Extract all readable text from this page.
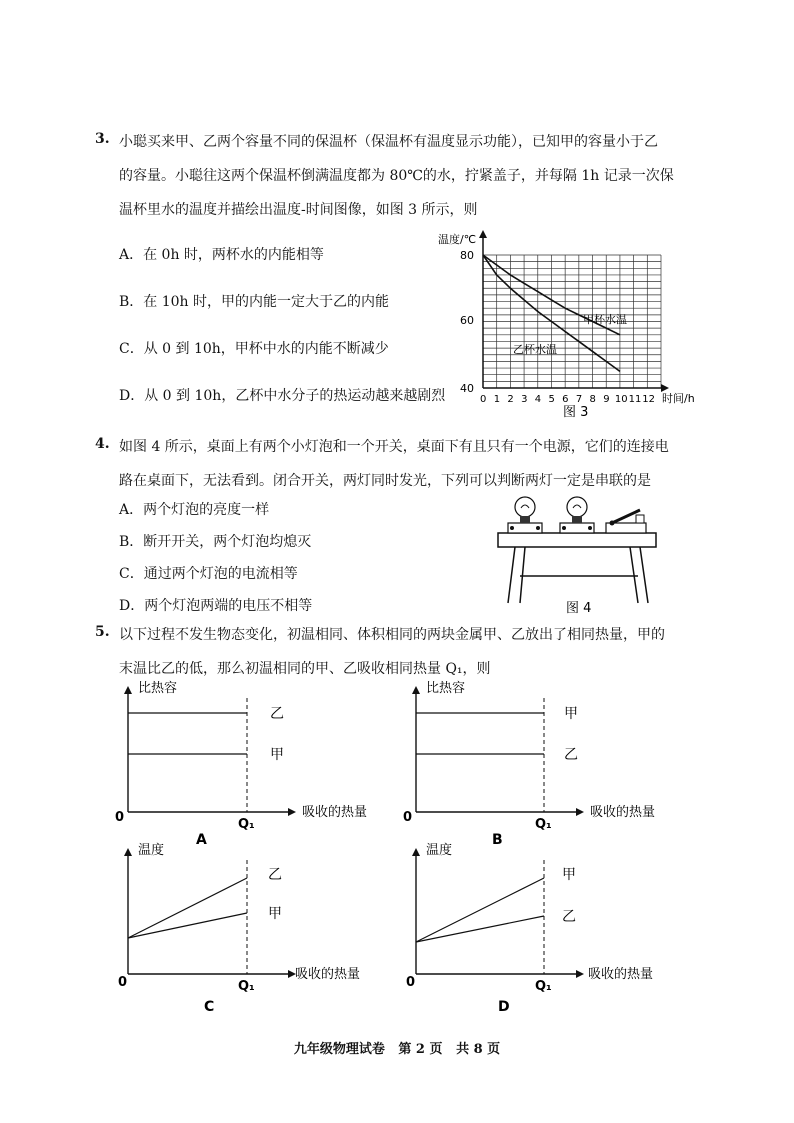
3. 小聪买来甲、乙两个容量不同的保温杯（保温杯有温度显示功能），已知甲的容量小于乙
的容量。小聪往这两个保温杯倒满温度都为 80℃的水，拧紧盖子，并每隔 1h 记录一次保
温杯里水的温度并描绘出温度-时间图像，如图 3 所示，则
A．在 0h 时，两杯水的内能相等
B．在 10h 时，甲的内能一定大于乙的内能
C．从 0 到 10h，甲杯中水的内能不断减少
D．从 0 到 10h，乙杯中水分子的热运动越来越剧烈
温度/℃
时间/h
80
60
40
0 1 2 3 4 5 6 7 8 9 10 11 12
甲杯水温
乙杯水温
图 3
4. 如图 4 所示，桌面上有两个小灯泡和一个开关，桌面下有且只有一个电源，它们的连接电
路在桌面下，无法看到。闭合开关，两灯同时发光，下列可以判断两灯一定是串联的是
A．两个灯泡的亮度一样
B．断开开关，两个灯泡均熄灭
C．通过两个灯泡的电流相等
D．两个灯泡两端的电压不相等	图 4
5. 以下过程不发生物态变化，初温相同、体积相同的两块金属甲、乙放出了相同热量，甲的
末温比乙的低，那么初温相同的甲、乙吸收相同热量 Q₁，则
比热容
吸收的热量
0	Q₁
乙
甲
A
比热容
吸收的热量
0	Q₁
甲
乙
B
温度
吸收的热量
0	Q₁
乙
甲
C
温度
吸收的热量
0	Q₁
甲
乙
D
九年级物理试卷   第 2 页   共 8 页
